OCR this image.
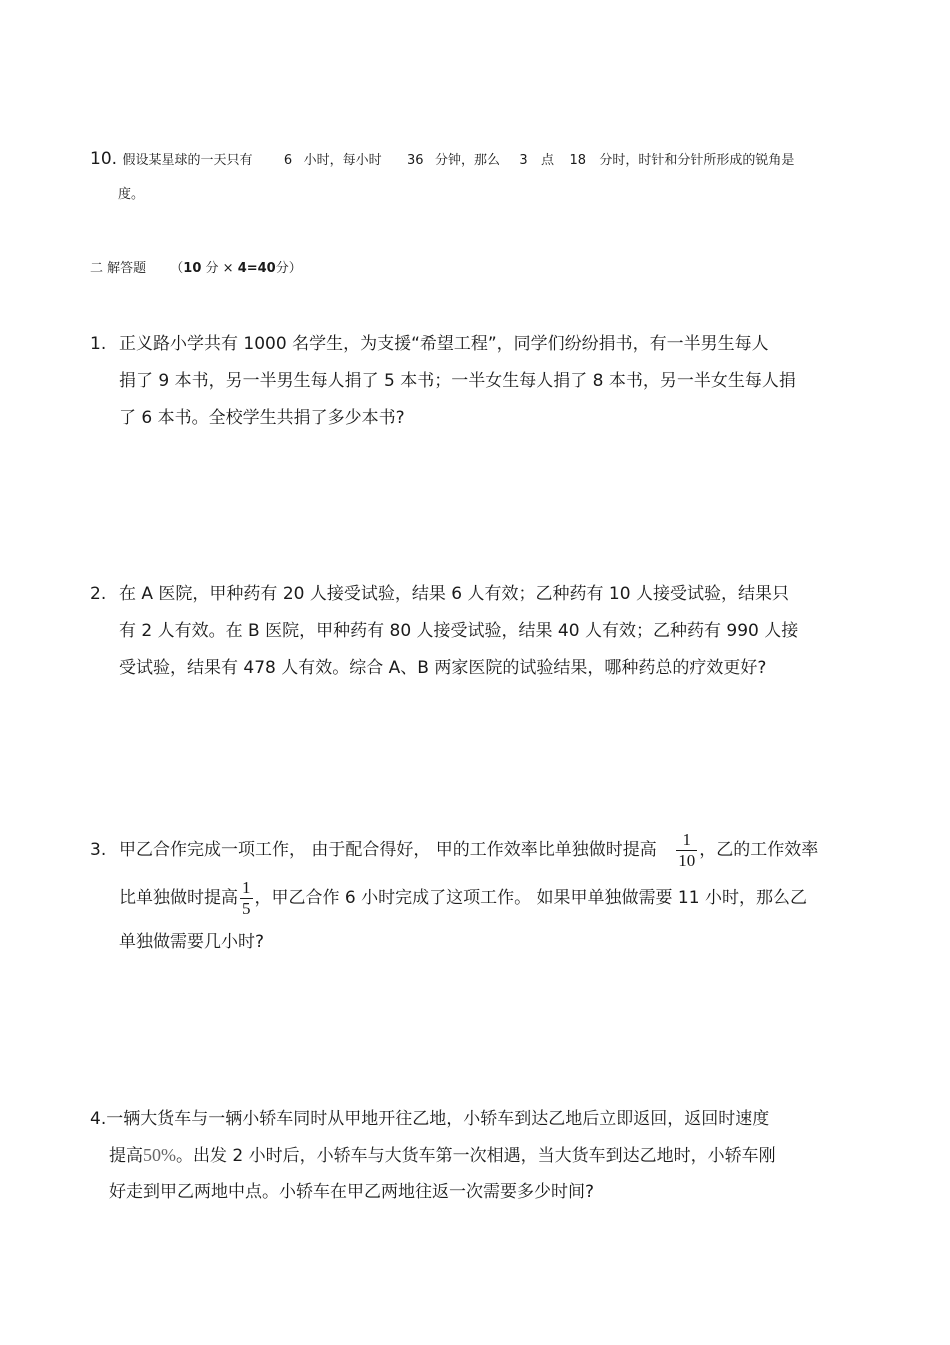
10. 假设某星球的一天只有 6 小时，每小时 36 分钟，那么 3 点 18 分时，时针和分针所形成的锐角是
度。
二 解答题 （10 分 × 4=40分）
1. 正义路小学共有 1000 名学生，为支援“希望工程”，同学们纷纷捐书，有一半男生每人
捐了 9 本书，另一半男生每人捐了 5 本书；一半女生每人捐了 8 本书，另一半女生每人捐
了 6 本书。全校学生共捐了多少本书?
2. 在 A 医院，甲种药有 20 人接受试验，结果 6 人有效；乙种药有 10 人接受试验，结果只
有 2 人有效。在 B 医院，甲种药有 80 人接受试验，结果 40 人有效；乙种药有 990 人接
受试验，结果有 478 人有效。综合 A、B 两家医院的试验结果，哪种药总的疗效更好?
3. 甲乙合作完成一项工作， 由于配合得好， 甲的工作效率比单独做时提高 $\frac{1}{10}$ ，乙的工作效率
比单独做时提高 $\frac{1}{5}$ ，甲乙合作 6 小时完成了这项工作。 如果甲单独做需要 11 小时，那么乙
单独做需要几小时?
4.一辆大货车与一辆小轿车同时从甲地开往乙地，小轿车到达乙地后立即返回，返回时速度
提高50%。出发 2 小时后，小轿车与大货车第一次相遇，当大货车到达乙地时，小轿车刚
好走到甲乙两地中点。小轿车在甲乙两地往返一次需要多少时间?
